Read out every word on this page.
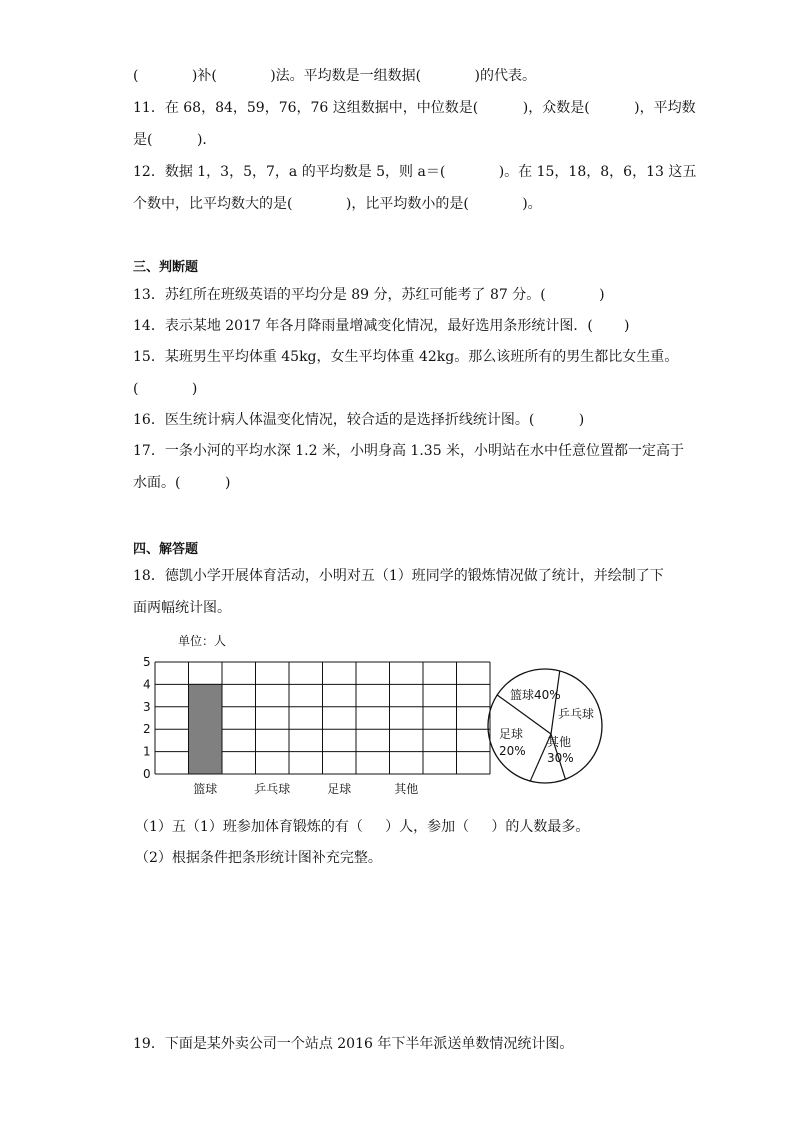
(            )补(            )法。平均数是一组数据(            )的代表。
11．在 68，84，59，76，76 这组数据中，中位数是(          )，众数是(          )，平均数
是(          )．
12．数据 1，3，5，7，a 的平均数是 5，则 a＝(            )。在 15，18，8，6，13 这五
个数中，比平均数大的是(            )，比平均数小的是(            )。
三、判断题
13．苏红所在班级英语的平均分是 89 分，苏红可能考了 87 分。(            )
14．表示某地 2017 年各月降雨量增减变化情况，最好选用条形统计图．(       )
15．某班男生平均体重 45kg，女生平均体重 42kg。那么该班所有的男生都比女生重。
(            )
16．医生统计病人体温变化情况，较合适的是选择折线统计图。(          )
17．一条小河的平均水深 1.2 米，小明身高 1.35 米，小明站在水中任意位置都一定高于
水面。(          )
四、解答题
18．德凯小学开展体育活动，小明对五（1）班同学的锻炼情况做了统计，并绘制了下
面两幅统计图。
单位：人
0
1
2
3
4
5
篮球	乒乓球	足球	其他
篮球40%
乒乓球
足球
20%
其他
30%
（1）五（1）班参加体育锻炼的有（     ）人，参加（     ）的人数最多。
（2）根据条件把条形统计图补充完整。
19．下面是某外卖公司一个站点 2016 年下半年派送单数情况统计图。
